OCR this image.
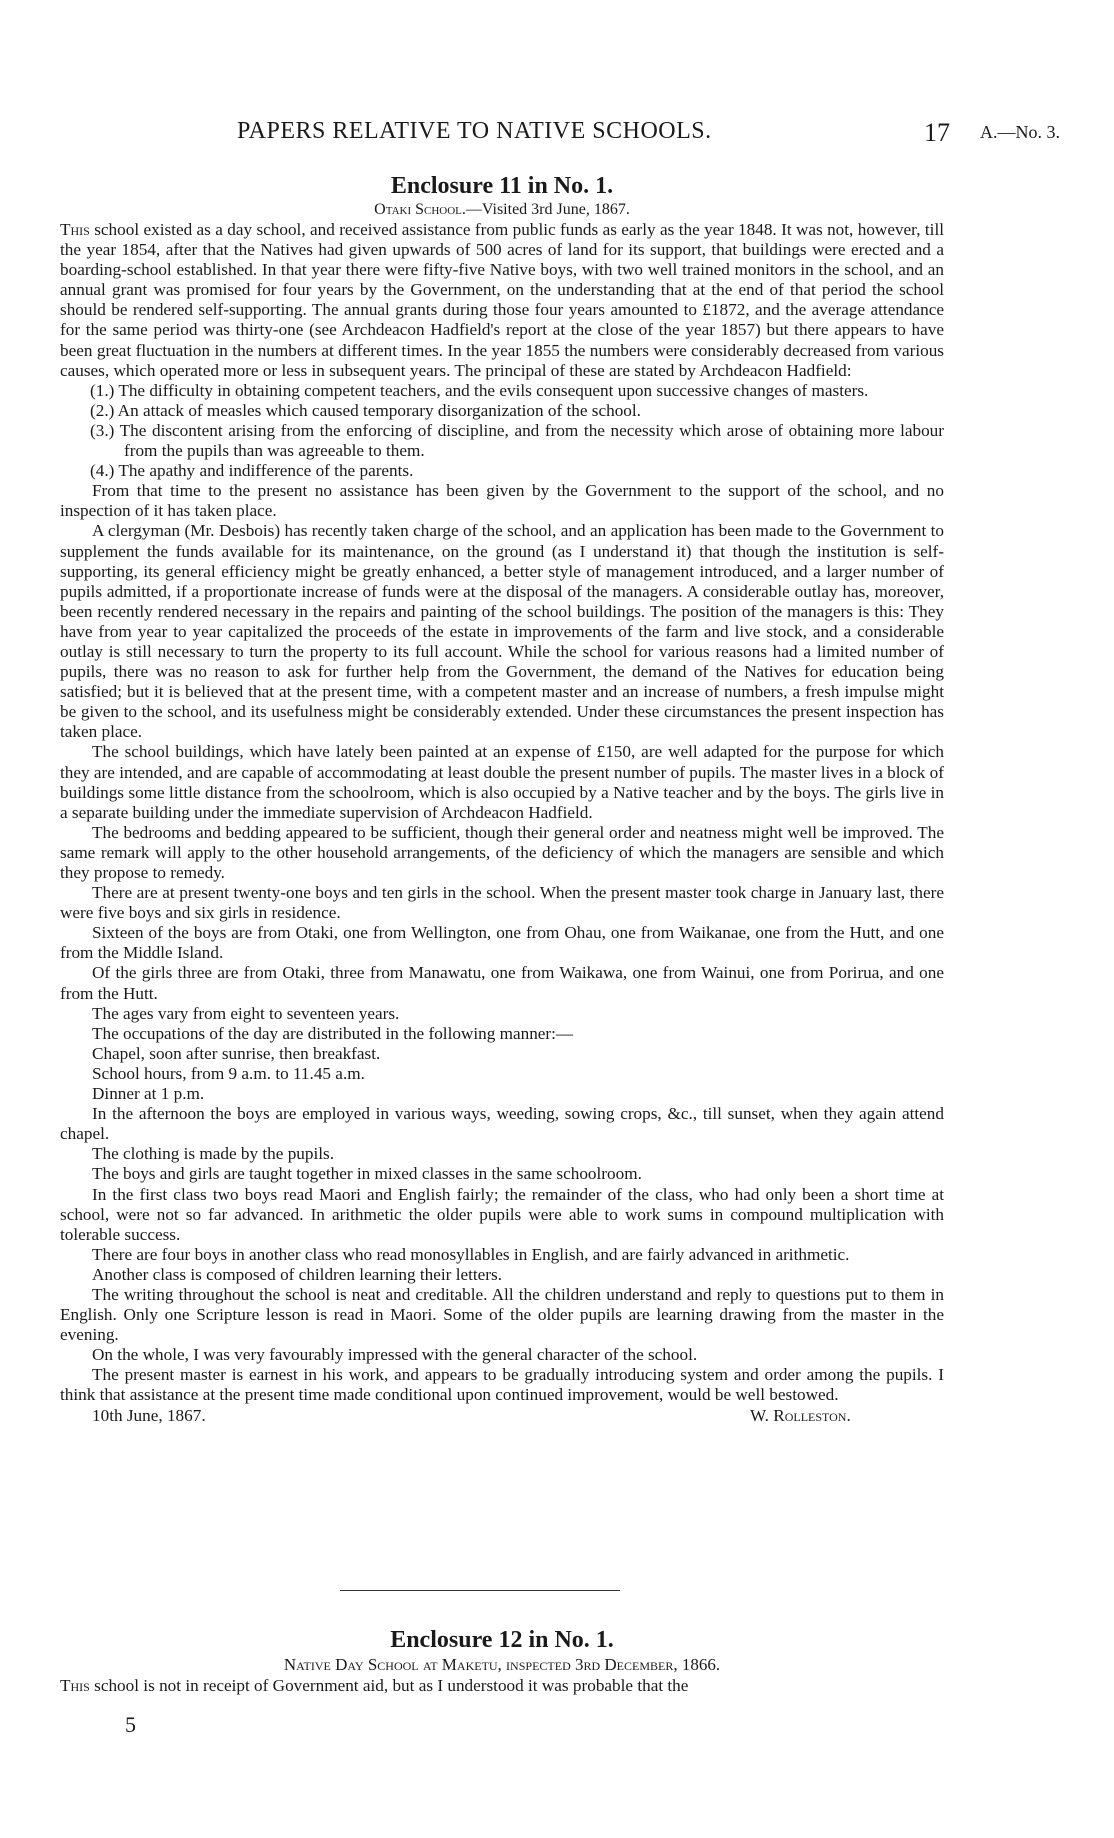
PAPERS RELATIVE TO NATIVE SCHOOLS.	17 A.—No. 3.
Enclosure 11 in No. 1.
Otaki School.—Visited 3rd June, 1867.

This school existed as a day school, and received assistance from public funds as early as the year 1848. It was not, however, till the year 1854, after that the Natives had given upwards of 500 acres of land for its support, that buildings were erected and a boarding-school established. In that year there were fifty-five Native boys, with two well trained monitors in the school, and an annual grant was promised for four years by the Government, on the understanding that at the end of that period the school should be rendered self-supporting. The annual grants during those four years amounted to £1872, and the average attendance for the same period was thirty-one (see Archdeacon Hadfield's report at the close of the year 1857) but there appears to have been great fluctuation in the numbers at different times. In the year 1855 the numbers were considerably decreased from various causes, which operated more or less in subsequent years. The principal of these are stated by Archdeacon Hadfield:

(1.) The difficulty in obtaining competent teachers, and the evils consequent upon successive changes of masters.

(2.) An attack of measles which caused temporary disorganization of the school.

(3.) The discontent arising from the enforcing of discipline, and from the necessity which arose of obtaining more labour from the pupils than was agreeable to them.

(4.) The apathy and indifference of the parents.

From that time to the present no assistance has been given by the Government to the support of the school, and no inspection of it has taken place.

A clergyman (Mr. Desbois) has recently taken charge of the school, and an application has been made to the Government to supplement the funds available for its maintenance, on the ground (as I understand it) that though the institution is self-supporting, its general efficiency might be greatly enhanced, a better style of management introduced, and a larger number of pupils admitted, if a proportionate increase of funds were at the disposal of the managers. A considerable outlay has, moreover, been recently rendered necessary in the repairs and painting of the school buildings. The position of the managers is this: They have from year to year capitalized the proceeds of the estate in improvements of the farm and live stock, and a considerable outlay is still necessary to turn the property to its full account. While the school for various reasons had a limited number of pupils, there was no reason to ask for further help from the Government, the demand of the Natives for education being satisfied; but it is believed that at the present time, with a competent master and an increase of numbers, a fresh impulse might be given to the school, and its usefulness might be considerably extended. Under these circumstances the present inspection has taken place.

The school buildings, which have lately been painted at an expense of £150, are well adapted for the purpose for which they are intended, and are capable of accommodating at least double the present number of pupils. The master lives in a block of buildings some little distance from the schoolroom, which is also occupied by a Native teacher and by the boys. The girls live in a separate building under the immediate supervision of Archdeacon Hadfield.

The bedrooms and bedding appeared to be sufficient, though their general order and neatness might well be improved. The same remark will apply to the other household arrangements, of the deficiency of which the managers are sensible and which they propose to remedy.

There are at present twenty-one boys and ten girls in the school. When the present master took charge in January last, there were five boys and six girls in residence.

Sixteen of the boys are from Otaki, one from Wellington, one from Ohau, one from Waikanae, one from the Hutt, and one from the Middle Island.

Of the girls three are from Otaki, three from Manawatu, one from Waikawa, one from Wainui, one from Porirua, and one from the Hutt.

The ages vary from eight to seventeen years.

The occupations of the day are distributed in the following manner:—

Chapel, soon after sunrise, then breakfast.

School hours, from 9 a.m. to 11.45 a.m.

Dinner at 1 p.m.

In the afternoon the boys are employed in various ways, weeding, sowing crops, &c., till sunset, when they again attend chapel.

The clothing is made by the pupils.

The boys and girls are taught together in mixed classes in the same schoolroom.

In the first class two boys read Maori and English fairly; the remainder of the class, who had only been a short time at school, were not so far advanced. In arithmetic the older pupils were able to work sums in compound multiplication with tolerable success.

There are four boys in another class who read monosyllables in English, and are fairly advanced in arithmetic.

Another class is composed of children learning their letters.

The writing throughout the school is neat and creditable. All the children understand and reply to questions put to them in English. Only one Scripture lesson is read in Maori. Some of the older pupils are learning drawing from the master in the evening.

On the whole, I was very favourably impressed with the general character of the school.

The present master is earnest in his work, and appears to be gradually introducing system and order among the pupils. I think that assistance at the present time made conditional upon continued improvement, would be well bestowed.

10th June, 1867.	W. Rolleston.
Enclosure 12 in No. 1.
Native Day School at Maketu, inspected 3rd December, 1866.

This school is not in receipt of Government aid, but as I understood it was probable that the

5
